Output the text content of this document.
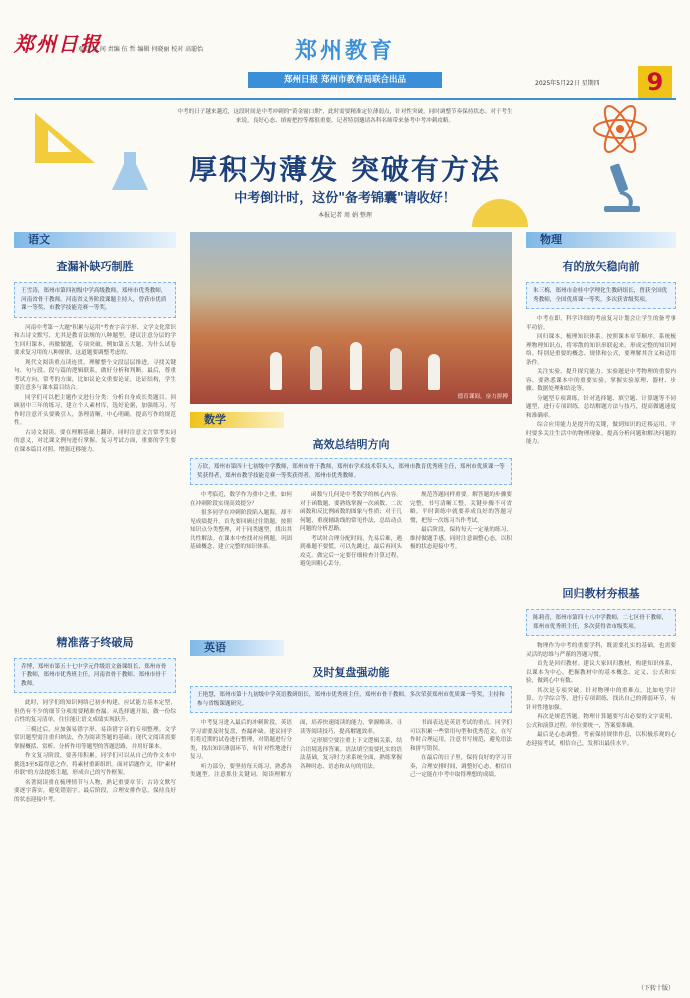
郑州日报
观看 予 间 责编 伍 哲 编辑 何晓丽 校对 高聪怡	郑州教育
郑州日报 郑州市教育局联合出品	2025年5月22日 星期四	9
中考的日子越来越近，这段时间是中考冲刺的"黄金窗口期"，此时需要精准定位薄弱点，针对性突破，同时调整节奏保持状态。对于考生来说，良好心态、缜密把控等都很重要，记者特别邀请各科名师带来备考中考冲刺攻略。
厚积为薄发 突破有方法
中考倒计时，这份"备考锦囊"请收好！
本报记者 周 娟 整理
语文
查漏补缺巧制胜
王雪涛，郑州市第四初级中学高级教师，郑州市优秀教师，河南省骨干教师，河南省义务阶段课题主持人，曾获市优质课一等奖、市教学技能竞赛一等奖。

河南中考第一大题"积累与运用"考查字音字形、文学文化常识和古诗文默写，尤其是教育法规的八种题型。建议注意分层的学生回归课本，再做做题，专项突破。例如第五大题，为什么试卷要求复习用的八种规律，这道题要调整考虑的。

现代文阅读重点读连贯，理解整个文段层层推进，寻找关键句、句与段、段与篇的逻辑联系，做好分析和判断。最后，尊重考试方向，常考的方面，比如议论文重要论证，论证结构，学生要注意多与课本篇目结合。

同学们可以把主题作文进行分类：分析自身成长类题目。回顾初中三年的练习，建立个人素材库，选好论据，加强练习。写作时注意开头要吸引人，条理清晰，中心明确，提高写作的规范性。

古诗文阅读，要在理解基础上翻译，同时注意文言常考实词的意义，对比课文例句进行掌握。复习考试方面，重要的学生要在课本篇目对照、增强迁移能力。

精准落子终破局
乔博，郑州市第五十七中学元件级语文备课组长、郑州市骨干教师，郑州市优秀班主任，河南省骨干教师、郑州市骨干教师。

此时，同学们的知识网络已初步构建，应试能力基本定型，但仍有不少的细节分项需要精准查漏。从选择题开始，做一份综合性的复习清单，往往能让语文成绩实现跃升。

三模过后，应加强易错字形、易读错字音的专项整理。文学常识题型需注重归纳法，作为阅读答题的基础；现代文阅读需要掌握概括、赏析、分析作用等题型的答题思路，并用好课本。

作文复习阶段，要善用积累。同学们可以从自己的作文本中挑选3至5篇得意之作，将素材重新组织。面对话题作文，用"素材串联"的方法提炼主题，形成自己的写作框架。

名著阅读重在梳理情节与人物，熟记重要章节；古诗文默写要逐字落实，避免错别字。最后阶段，合理安排作息，保持良好的状态迎接中考。

德育课间，奋力拼搏
数学
高效总结明方向
万钦，郑州市第四十七初级中学教师，郑州市骨干教师，郑州市学术技术带头人，郑州市教育优秀班主任，郑州市优质课一等奖获得者，郑州市教学技能竞赛一等奖获得者，郑州市优秀教师。

中考临近，数学作为重中之重，如何在冲刺阶段实现高效提分？

很多同学在冲刺阶段陷入题海，却不见成绩提升。首先要回顾过往错题，按照知识点分类整理，对于同类题型，找出其共性解法。在课本中查找对应例题，巩固基础概念，建立完整的知识体系。

函数与几何是中考数学的核心内容。对于函数题，要熟练掌握一次函数、二次函数和反比例函数的图象与性质；对于几何题，重视辅助线的常见作法，总结动点问题的分析思路。

考试时合理分配时间，先易后难，遇到难题不要慌，可以先跳过，最后再回头攻克。做完后一定要仔细检查计算过程，避免因粗心丢分。

规范答题同样重要。解答题的步骤要完整，书写清晰工整，关键步骤不可省略。平时训练中就要养成良好的答题习惯，把每一次练习当作考试。

最后阶段，保持每天一定量的练习，维持做题手感，同时注意调整心态，以积极的状态迎接中考。

英语
及时复盘强动能
王艳慧，郑州市第十九初级中学英语教研组长，郑州市优秀班主任，郑州市骨干教师，多次荣获郑州市优质课一等奖，主持和参与省级课题研究。

中考复习进入最后的冲刺阶段，英语学习需要及时复盘，查漏补缺。建议同学们将近期的试卷进行整理，对错题进行分类，找出知识薄弱环节，有针对性地进行复习。

听力部分，要坚持每天练习，熟悉各类题型，注意抓住关键词。阅读理解方面，培养快速阅读的能力，掌握略读、寻读等阅读技巧，提高解题效率。

完形填空要注重上下文逻辑关系，结合语境选择答案。语法填空需要扎实的语法基础，复习时力求系统全面，熟练掌握各种时态、语态和从句的用法。

书面表达是英语考试的重点。同学们可以积累一些常用句型和优秀范文，在写作时合理运用，注意书写规范，避免语法和拼写错误。

在最后的日子里，保持良好的学习节奏，合理安排时间，调整好心态，相信自己一定能在中考中取得理想的成绩。

物理
有的放矢稳向前
朱三梅，郑州市金桂中学理化生教研组长，曾获全国优秀教师，全国优质课一等奖，多次获省级奖项。

中考在即，科学详细的考前复习计划会让学生的备考事半功倍。

回归课本，梳理知识体系。按照课本章节顺序，系统梳理物理知识点，将零散的知识串联起来，形成完整的知识网络。特别是重要的概念、规律和公式，要理解其含义和适用条件。

关注实验，提升探究能力。实验题是中考物理的重要内容，要熟悉课本中的重要实验，掌握实验原理、器材、步骤、数据处理和结论等。

分题型专项训练，针对选择题、填空题、计算题等不同题型，进行专项训练，总结解题方法与技巧，提高做题速度和准确率。

综合应用能力是提升的关键，做到知识的迁移运用。平时要多关注生活中的物理现象，提高分析问题和解决问题的能力。

回归教材夯根基
陈莉青，郑州市第四十八中学教师，二七区骨干教师，郑州市优秀班主任，多次获得省市级奖项。

物理作为中考的重要学科，既需要扎实的基础，也需要灵活的思维与严谨的答题习惯。

首先是回归教材。建议大家回归教材，构建知识体系，以课本为中心，把握教材中的基本概念、定义、公式和实验，做到心中有数。

其次是专项突破。针对物理中的重难点，比如电学计算、力学综合等，进行专项训练，找出自己的薄弱环节，有针对性地加强。

再次是规范答题。物理计算题要写出必要的文字说明、公式和演算过程，单位要统一，答案要准确。

最后是心态调整。考前保持规律作息，以积极乐观的心态迎接考试，相信自己，发挥出最佳水平。

（下转十版）
